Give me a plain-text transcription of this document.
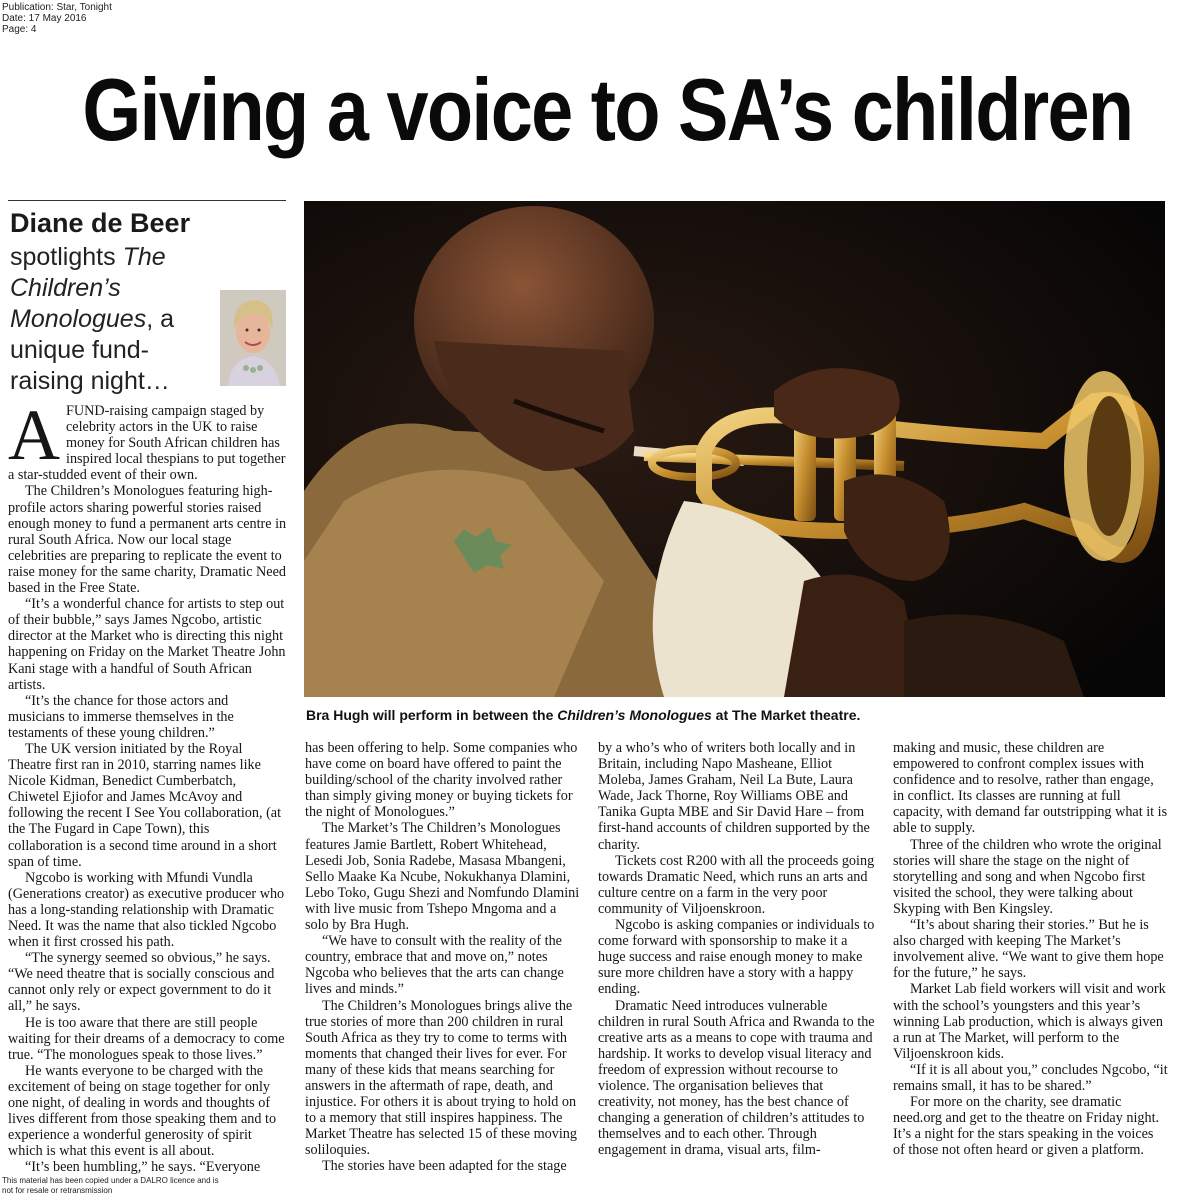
Publication: Star, Tonight
Date: 17 May 2016
Page: 4
Giving a voice to SA’s children
Diane de Beer
spotlights The Children’s Monologues, a unique fund-raising night…
Bra Hugh will perform in between the Children’s Monologues at The Market theatre.

AFUND-raising campaign staged by celebrity actors in the UK to raise money for South African children has inspired local thespians to put together a star-studded event of their own.

The Children’s Monologues featuring high-profile actors sharing powerful stories raised enough money to fund a permanent arts centre in rural South Africa. Now our local stage celebrities are preparing to replicate the event to raise money for the same charity, Dramatic Need based in the Free State.

“It’s a wonderful chance for artists to step out of their bubble,” says James Ngcobo, artistic director at the Market who is directing this night happening on Friday on the Market Theatre John Kani stage with a handful of South African artists.

“It’s the chance for those actors and musicians to immerse themselves in the testaments of these young children.”

The UK version initiated by the Royal Theatre first ran in 2010, starring names like Nicole Kidman, Benedict Cumberbatch, Chiwetel Ejiofor and James McAvoy and following the recent I See You collaboration, (at the The Fugard in Cape Town), this collaboration is a second time around in a short span of time.

Ngcobo is working with Mfundi Vundla (Generations creator) as executive producer who has a long-standing relationship with Dramatic Need. It was the name that also tickled Ngcobo when it first crossed his path.

“The synergy seemed so obvious,” he says. “We need theatre that is socially conscious and cannot only rely or expect government to do it all,” he says.

He is too aware that there are still people waiting for their dreams of a democracy to come true. “The monologues speak to those lives.”

He wants everyone to be charged with the excitement of being on stage together for only one night, of dealing in words and thoughts of lives different from those speaking them and to experience a wonderful generosity of spirit which is what this event is all about.

“It’s been humbling,” he says. “Everyone

has been offering to help. Some companies who have come on board have offered to paint the building/school of the charity involved rather than simply giving money or buying tickets for the night of Monologues.”

The Market’s The Children’s Monologues features Jamie Bartlett, Robert Whitehead, Lesedi Job, Sonia Radebe, Masasa Mbangeni, Sello Maake Ka Ncube, Nokukhanya Dlamini, Lebo Toko, Gugu Shezi and Nomfundo Dlamini with live music from Tshepo Mngoma and a solo by Bra Hugh.

“We have to consult with the reality of the country, embrace that and move on,” notes Ngcoba who believes that the arts can change lives and minds.”

The Children’s Monologues brings alive the true stories of more than 200 children in rural South Africa as they try to come to terms with moments that changed their lives for ever. For many of these kids that means searching for answers in the aftermath of rape, death, and injustice. For others it is about trying to hold on to a memory that still inspires happiness. The Market Theatre has selected 15 of these moving soliloquies.

The stories have been adapted for the stage

by a who’s who of writers both locally and in Britain, including Napo Masheane, Elliot Moleba, James Graham, Neil La Bute, Laura Wade, Jack Thorne, Roy Williams OBE and Tanika Gupta MBE and Sir David Hare – from first-hand accounts of children supported by the charity.

Tickets cost R200 with all the proceeds going towards Dramatic Need, which runs an arts and culture centre on a farm in the very poor community of Viljoenskroon.

Ngcobo is asking companies or individuals to come forward with sponsorship to make it a huge success and raise enough money to make sure more children have a story with a happy ending.

Dramatic Need introduces vulnerable children in rural South Africa and Rwanda to the creative arts as a means to cope with trauma and hardship. It works to develop visual literacy and freedom of expression without recourse to violence. The organisation believes that creativity, not money, has the best chance of changing a generation of children’s attitudes to themselves and to each other. Through engagement in drama, visual arts, film-

making and music, these children are empowered to confront complex issues with confidence and to resolve, rather than engage, in conflict. Its classes are running at full capacity, with demand far outstripping what it is able to supply.

Three of the children who wrote the original stories will share the stage on the night of storytelling and song and when Ngcobo first visited the school, they were talking about Skyping with Ben Kingsley.

“It’s about sharing their stories.” But he is also charged with keeping The Market’s involvement alive. “We want to give them hope for the future,” he says.

Market Lab field workers will visit and work with the school’s youngsters and this year’s winning Lab production, which is always given a run at The Market, will perform to the Viljoenskroon kids.

“If it is all about you,” concludes Ngcobo, “it remains small, it has to be shared.”

For more on the charity, see dramatic need.org and get to the theatre on Friday night. It’s a night for the stars speaking in the voices of those not often heard or given a platform.

This material has been copied under a DALRO licence and is not for resale or retransmission
